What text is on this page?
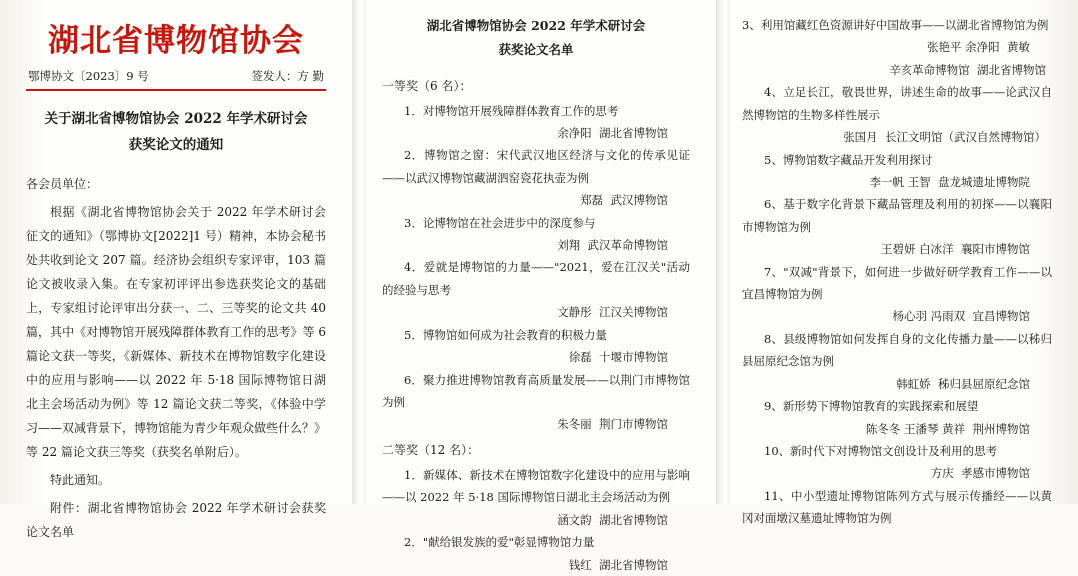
湖北省博物馆协会
鄂博协文〔2023〕9 号	签发人：方 勤
关于湖北省博物馆协会 2022 年学术研讨会
获奖论文的通知
各会员单位：
根据《湖北省博物馆协会关于 2022 年学术研讨会征文的通知》（鄂博协文[2022]1 号）精神，本协会秘书处共收到论文 207 篇。经济协会组织专家评审，103 篇论文被收录入集。在专家初评评出参选获奖论文的基础上，专家组讨论评审出分获一、二、三等奖的论文共 40 篇，其中《对博物馆开展残障群体教育工作的思考》等 6 篇论文获一等奖，《新媒体、新技术在博物馆数字化建设中的应用与影响——以 2022 年 5·18 国际博物馆日湖北主会场活动为例》等 12 篇论文获二等奖，《体验中学习——双减背景下，博物馆能为青少年观众做些什么？》等 22 篇论文获三等奖（获奖名单附后）。
特此通知。
附件：湖北省博物馆协会 2022 年学术研讨会获奖论文名单
湖北省博物馆协会 2022 年学术研讨会
获奖论文名单
一等奖（6 名）：
1．对博物馆开展残障群体教育工作的思考
余净阳  湖北省博物馆
2．博物馆之窗：宋代武汉地区经济与文化的传承见证——以武汉博物馆藏湖泗窑瓷花执壶为例
郑磊  武汉博物馆
3．论博物馆在社会进步中的深度参与
刘翔  武汉革命博物馆
4．爱就是博物馆的力量——"2021，爱在江汉关"活动的经验与思考
文静彤  江汉关博物馆
5．博物馆如何成为社会教育的积极力量
徐磊  十堰市博物馆
6．聚力推进博物馆教育高质量发展——以荆门市博物馆为例
朱冬丽  荆门市博物馆
二等奖（12 名）：
1．新媒体、新技术在博物馆数字化建设中的应用与影响——以 2022 年 5·18 国际博物馆日湖北主会场活动为例
涵文韵  湖北省博物馆
2．"献给银发族的爱"彰显博物馆力量
钱红  湖北省博物馆
3、利用馆藏红色资源讲好中国故事——以湖北省博物馆为例
张艳平 余净阳  黄敏
辛亥革命博物馆  湖北省博物馆
4、立足长江，敬畏世界，讲述生命的故事——论武汉自然博物馆的生物多样性展示
张国月  长江文明馆（武汉自然博物馆）
5、博物馆数字藏品开发利用探讨
李一帆 王智  盘龙城遗址博物院
6、基于数字化背景下藏品管理及利用的初探——以襄阳市博物馆为例
王碧妍 白冰洋  襄阳市博物馆
7、"双减"背景下，如何进一步做好研学教育工作——以宜昌博物馆为例
杨心羽 冯雨双  宜昌博物馆
8、县级博物馆如何发挥自身的文化传播力量——以秭归县屈原纪念馆为例
韩虹娇  秭归县屈原纪念馆
9、新形势下博物馆教育的实践探索和展望
陈冬冬 王潘琴 黄祥  荆州博物馆
10、新时代下对博物馆文创设计及利用的思考
方庆  孝感市博物馆
11、中小型遗址博物馆陈列方式与展示传播经——以黄冈对面墩汉墓遗址博物馆为例
